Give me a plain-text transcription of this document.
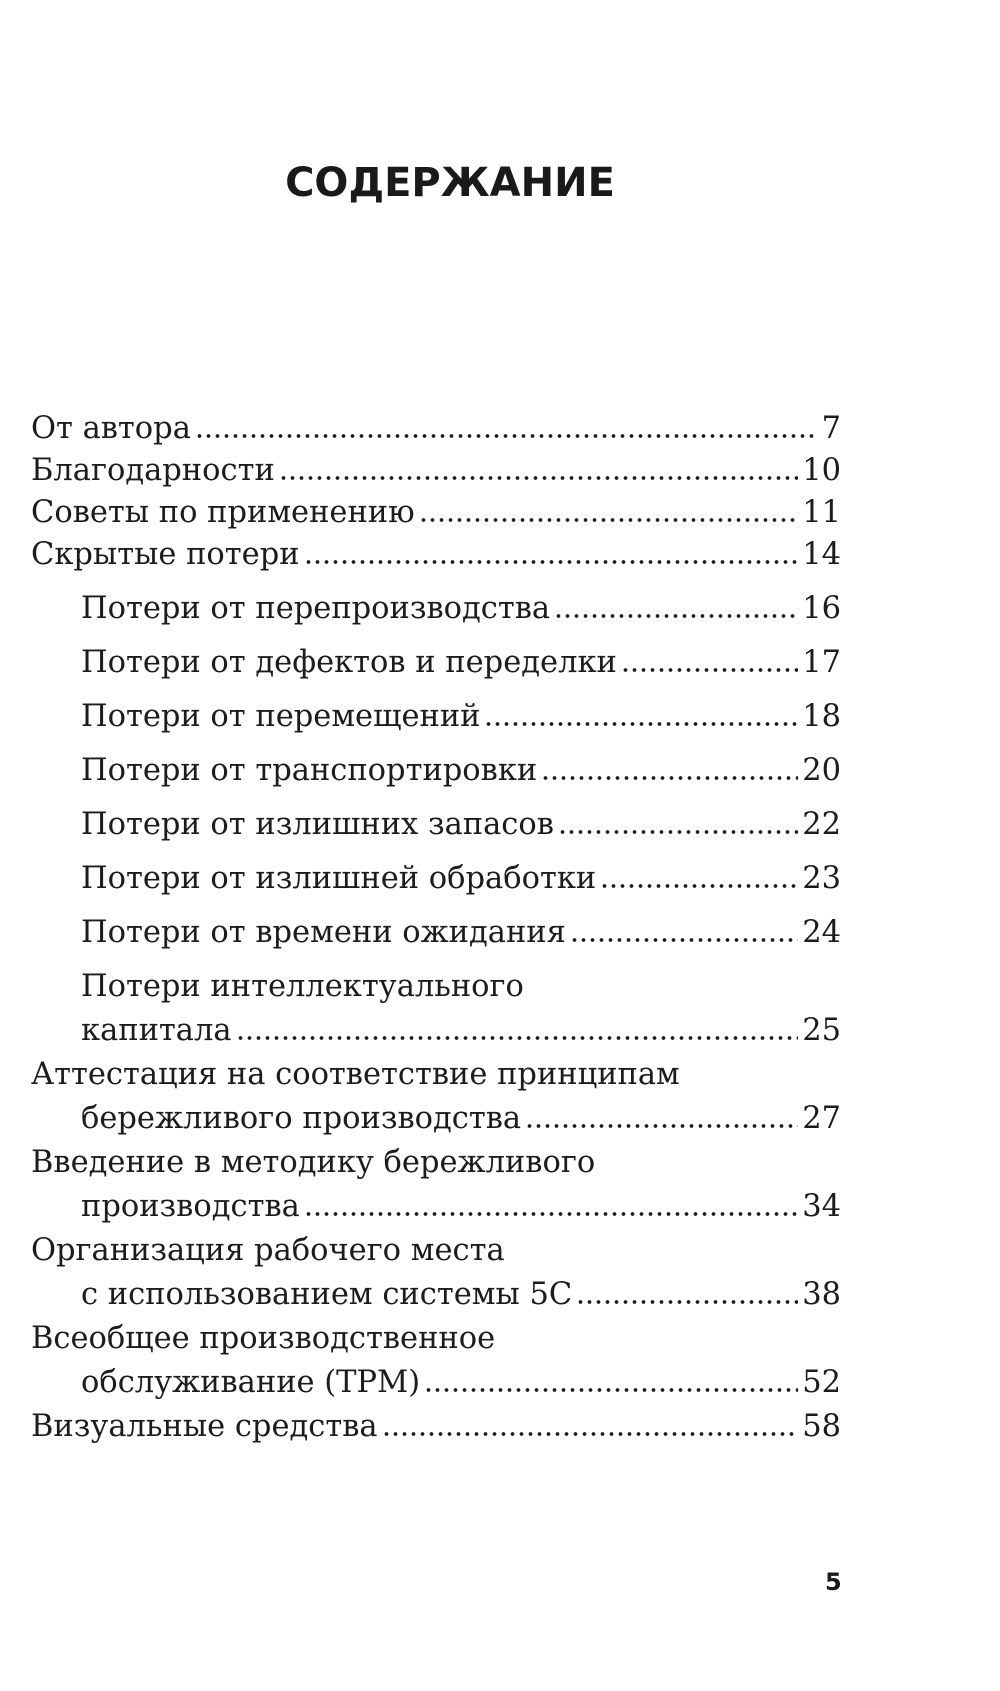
СОДЕРЖАНИЕ
От автора	7
Благодарности	10
Советы по применению	11
Скрытые потери	14
Потери от перепроизводства	16
Потери от дефектов и переделки	17
Потери от перемещений	18
Потери от транспортировки	20
Потери от излишних запасов	22
Потери от излишней обработки	23
Потери от времени ожидания	24
Потери интеллектуального
капитала	25
Аттестация на соответствие принципам
бережливого производства	27
Введение в методику бережливого
производства	34
Организация рабочего места
с использованием системы 5С	38
Всеобщее производственное
обслуживание (ТРМ)	52
Визуальные средства	58
5
